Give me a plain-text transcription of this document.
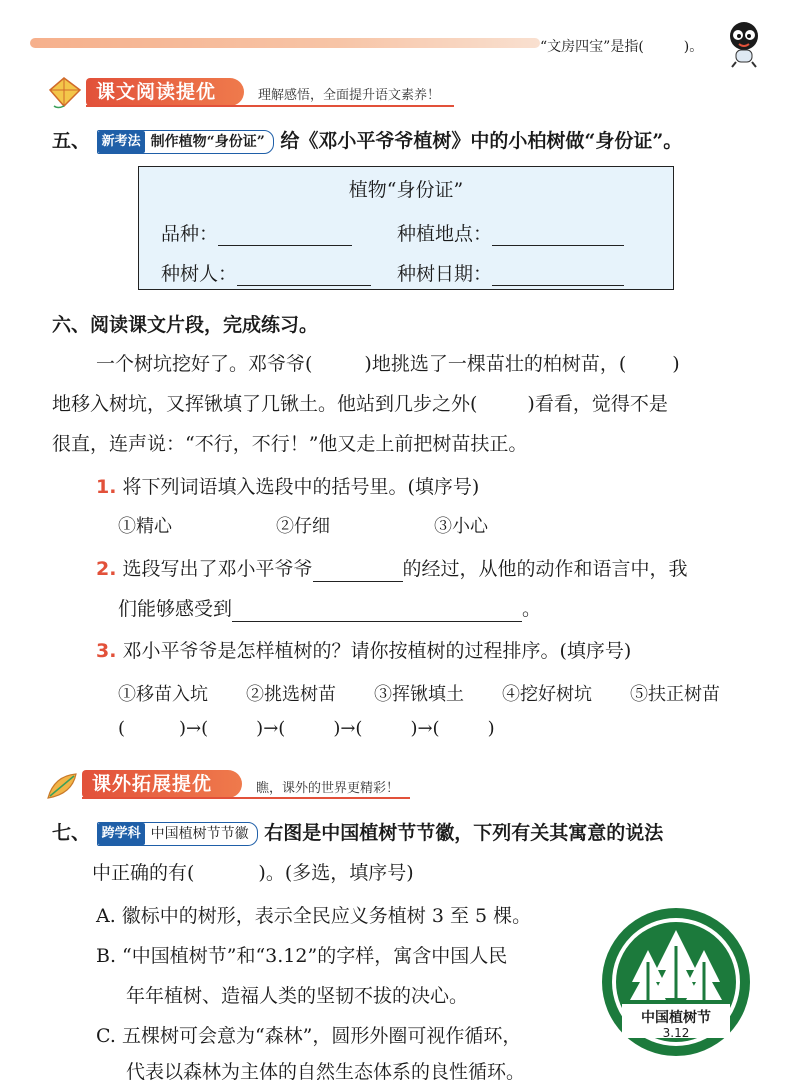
“文房四宝”是指(	)。
课文阅读提优	理解感悟，全面提升语文素养！
五、 新考法 制作植物“身份证” 给《邓小平爷爷植树》中的小柏树做“身份证”。
植物“身份证”
品种：	种植地点：
种树人：	种树日期：
六、阅读课文片段，完成练习。
一个树坑挖好了。邓爷爷(	)地挑选了一棵苗壮的柏树苗，( )
地移入树坑，又挥锹填了几锹土。他站到几步之外(	)看看，觉得不是
很直，连声说：“不行，不行！”他又走上前把树苗扶正。
1. 将下列词语填入选段中的括号里。(填序号)
①精心	②仔细	③小心
2. 选段写出了邓小平爷爷	的经过，从他的动作和语言中，我
们能够感受到	。
3. 邓小平爷爷是怎样植树的？请你按植树的过程排序。(填序号)
①移苗入坑 ②挑选树苗 ③挥锹填土 ④挖好树坑 ⑤扶正树苗
(	)→(	)→(	)→(	)→(	)
课外拓展提优	瞧，课外的世界更精彩！
七、 跨学科 中国植树节节徽 右图是中国植树节节徽，下列有关其寓意的说法
中正确的有(	)。(多选，填序号)
A. 徽标中的树形，表示全民应义务植树 3 至 5 棵。
B. “中国植树节”和“3.12”的字样，寓含中国人民
年年植树、造福人类的坚韧不拔的决心。
C. 五棵树可会意为“森林”，圆形外圈可视作循环，
代表以森林为主体的自然生态体系的良性循环。
中国植树节
3.12
